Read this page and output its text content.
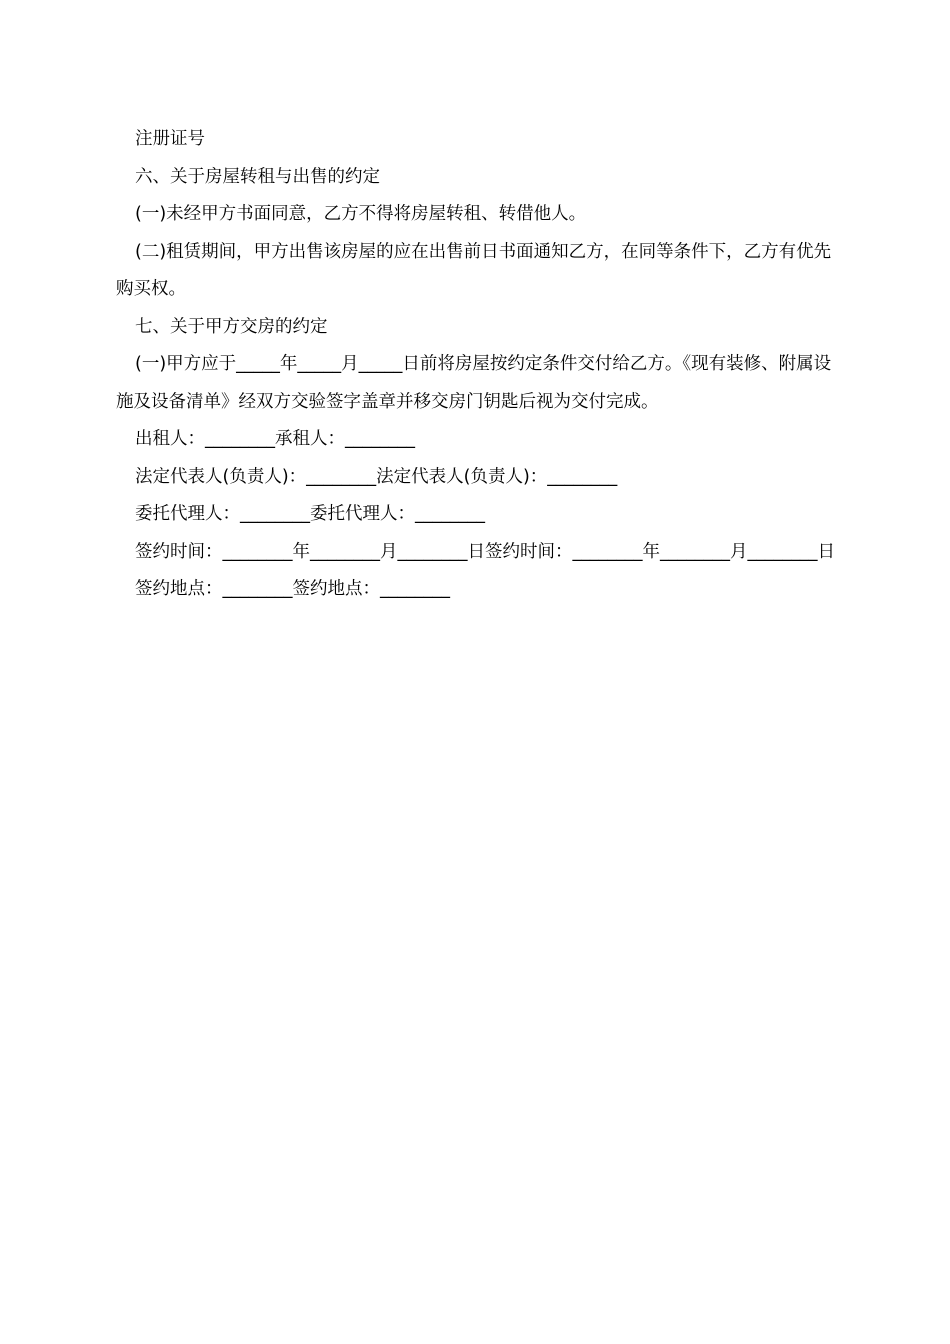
注册证号

六、关于房屋转租与出售的约定

(一)未经甲方书面同意，乙方不得将房屋转租、转借他人。

(二)租赁期间，甲方出售该房屋的应在出售前日书面通知乙方，在同等条件下，乙方有优先购买权。

七、关于甲方交房的约定

(一)甲方应于_____年_____月_____日前将房屋按约定条件交付给乙方。《现有装修、附属设施及设备清单》经双方交验签字盖章并移交房门钥匙后视为交付完成。

出租人：________承租人：________

法定代表人(负责人)：________法定代表人(负责人)：________

委托代理人：________委托代理人：________

签约时间：________年________月________日签约时间：________年________月________日

签约地点：________签约地点：________
